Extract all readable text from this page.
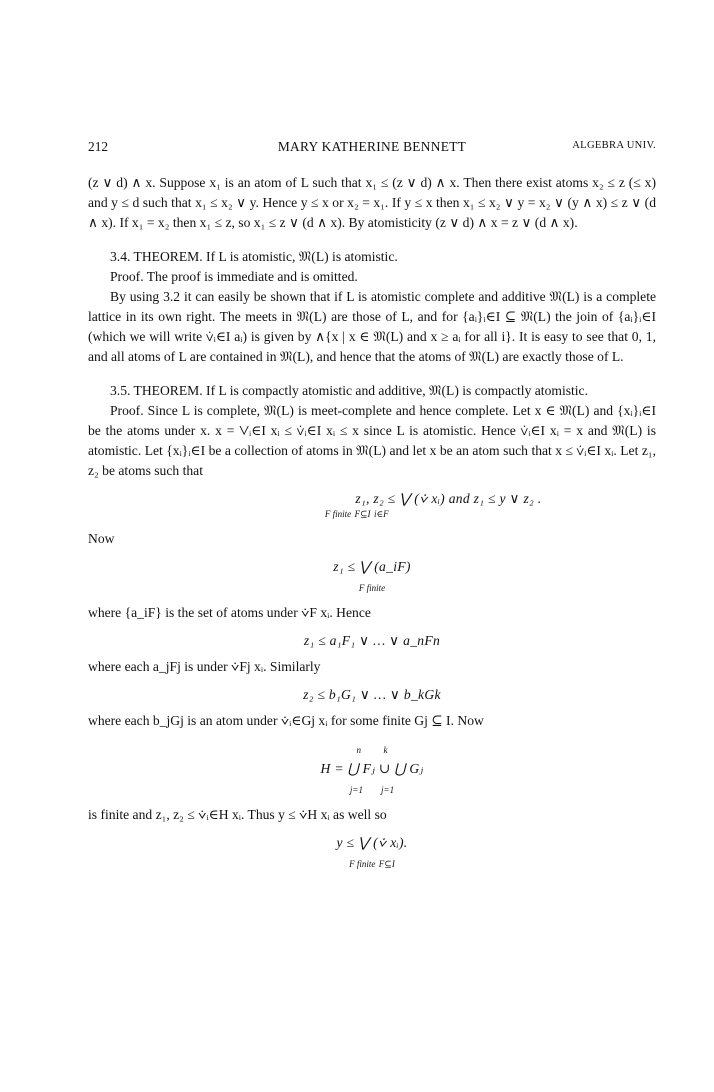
212	MARY KATHERINE BENNETT	ALGEBRA UNIV.

(z ∨ d) ∧ x. Suppose x₁ is an atom of L such that x₁ ≤ (z ∨ d) ∧ x. Then there exist atoms x₂ ≤ z (≤ x) and y ≤ d such that x₁ ≤ x₂ ∨ y. Hence y ≤ x or x₂ = x₁. If y ≤ x then x₁ ≤ x₂ ∨ y = x₂ ∨ (y ∧ x) ≤ z ∨ (d ∧ x). If x₁ = x₂ then x₁ ≤ z, so x₁ ≤ z ∨ (d ∧ x). By atomisticity (z ∨ d) ∧ x = z ∨ (d ∧ x).

3.4. THEOREM. If L is atomistic, 𝔐(L) is atomistic.

Proof. The proof is immediate and is omitted.

By using 3.2 it can easily be shown that if L is atomistic complete and additive 𝔐(L) is a complete lattice in its own right. The meets in 𝔐(L) are those of L, and for {aᵢ}ᵢ∈I ⊆ 𝔐(L) the join of {aᵢ}ᵢ∈I (which we will write ⩒ᵢ∈I aᵢ) is given by ∧{x | x ∈ 𝔐(L) and x ≥ aᵢ for all i}. It is easy to see that 0, 1, and all atoms of L are contained in 𝔐(L), and hence that the atoms of 𝔐(L) are exactly those of L.

3.5. THEOREM. If L is compactly atomistic and additive, 𝔐(L) is compactly atomistic.

Proof. Since L is complete, 𝔐(L) is meet-complete and hence complete. Let x ∈ 𝔐(L) and {xᵢ}ᵢ∈I be the atoms under x. x = ⋁ᵢ∈I xᵢ ≤ ⩒ᵢ∈I xᵢ ≤ x since L is atomistic. Hence ⩒ᵢ∈I xᵢ = x and 𝔐(L) is atomistic. Let {xᵢ}ᵢ∈I be a collection of atoms in 𝔐(L) and let x be an atom such that x ≤ ⩒ᵢ∈I xᵢ. Let z₁, z₂ be atoms such that

z₁, z₂ ≤ ⋁ (⩒ xᵢ) and z₁ ≤ y ∨ z₂ . F finite F⊆I i∈F

Now

z₁ ≤ ⋁ (a_iF)
F finite

where {a_iF} is the set of atoms under ⩒F xᵢ. Hence

z₁ ≤ a₁F₁ ∨ … ∨ a_nFn

where each a_jFj is under ⩒Fj xᵢ. Similarly

z₂ ≤ b₁G₁ ∨ … ∨ b_kGk

where each b_jGj is an atom under ⩒ᵢ∈Gj xᵢ for some finite Gj ⊆ I. Now

n	k
H = ⋃ Fⱼ ∪ ⋃ Gⱼ
j=1 j=1

is finite and z₁, z₂ ≤ ⩒ᵢ∈H xᵢ. Thus y ≤ ⩒H xᵢ as well so

y ≤ ⋁ (⩒ xᵢ).
F finite F⊆I
